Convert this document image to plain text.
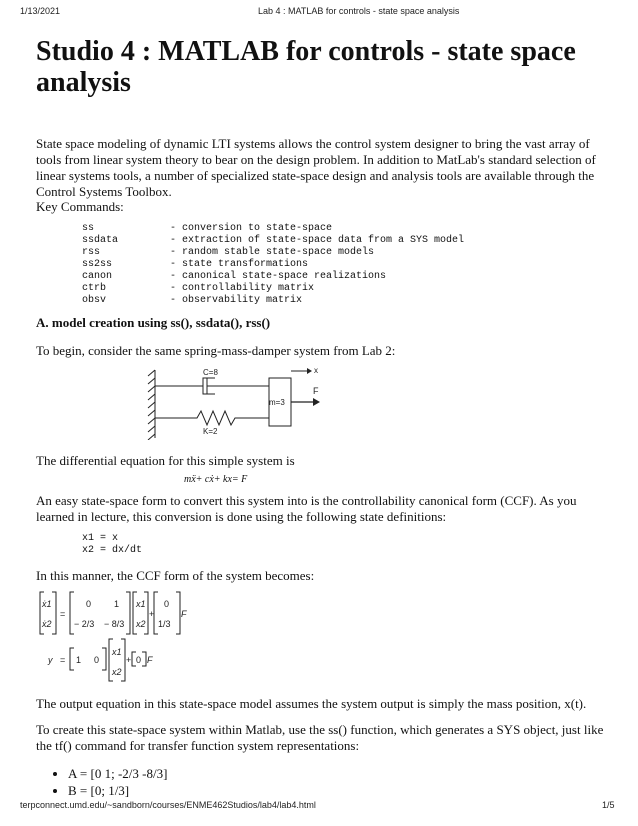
1/13/2021	Lab 4 : MATLAB for controls - state space analysis
Studio 4 : MATLAB for controls - state space analysis

State space modeling of dynamic LTI systems allows the control system designer to bring the vast array of tools from linear system theory to bear on the design problem. In addition to MatLab's standard selection of linear systems tools, a number of specialized state-space design and analysis tools are available through the Control Systems Toolbox.

Key Commands:

ss	- conversion to state-space
ssdata	- extraction of state-space data from a SYS model
rss	- random stable state-space models
ss2ss	- state transformations
canon	- canonical state-space realizations
ctrb	- controllability matrix
obsv	- observability matrix
A. model creation using ss(), ssdata(), rss()

To begin, consider the same spring-mass-damper system from Lab 2:

C=8
K=2
m=3
x
F

The differential equation for this simple system is

mẍ+ cẋ+ kx= F

An easy state-space form to convert this system into is the controllability canonical form (CCF). As you learned in lecture, this conversion is done using the following state definitions:

x1 = x
x2 = dx/dt

In this manner, the CCF form of the system becomes:

ẋ1
ẋ2
=
0	1
− 2/3 − 8/3
x1
x2
+
0
1/3
F
y = 1 0
x1
x2
+ 0 F

The output equation in this state-space model assumes the system output is simply the mass position, x(t).

To create this state-space system within Matlab, use the ss() function, which generates a SYS object, just like the tf() command for transfer function system representations:

• A = [0 1; -2/3 -8/3]
• B = [0; 1/3]
terpconnect.umd.edu/~sandborn/courses/ENME462Studios/lab4/lab4.html	1/5
